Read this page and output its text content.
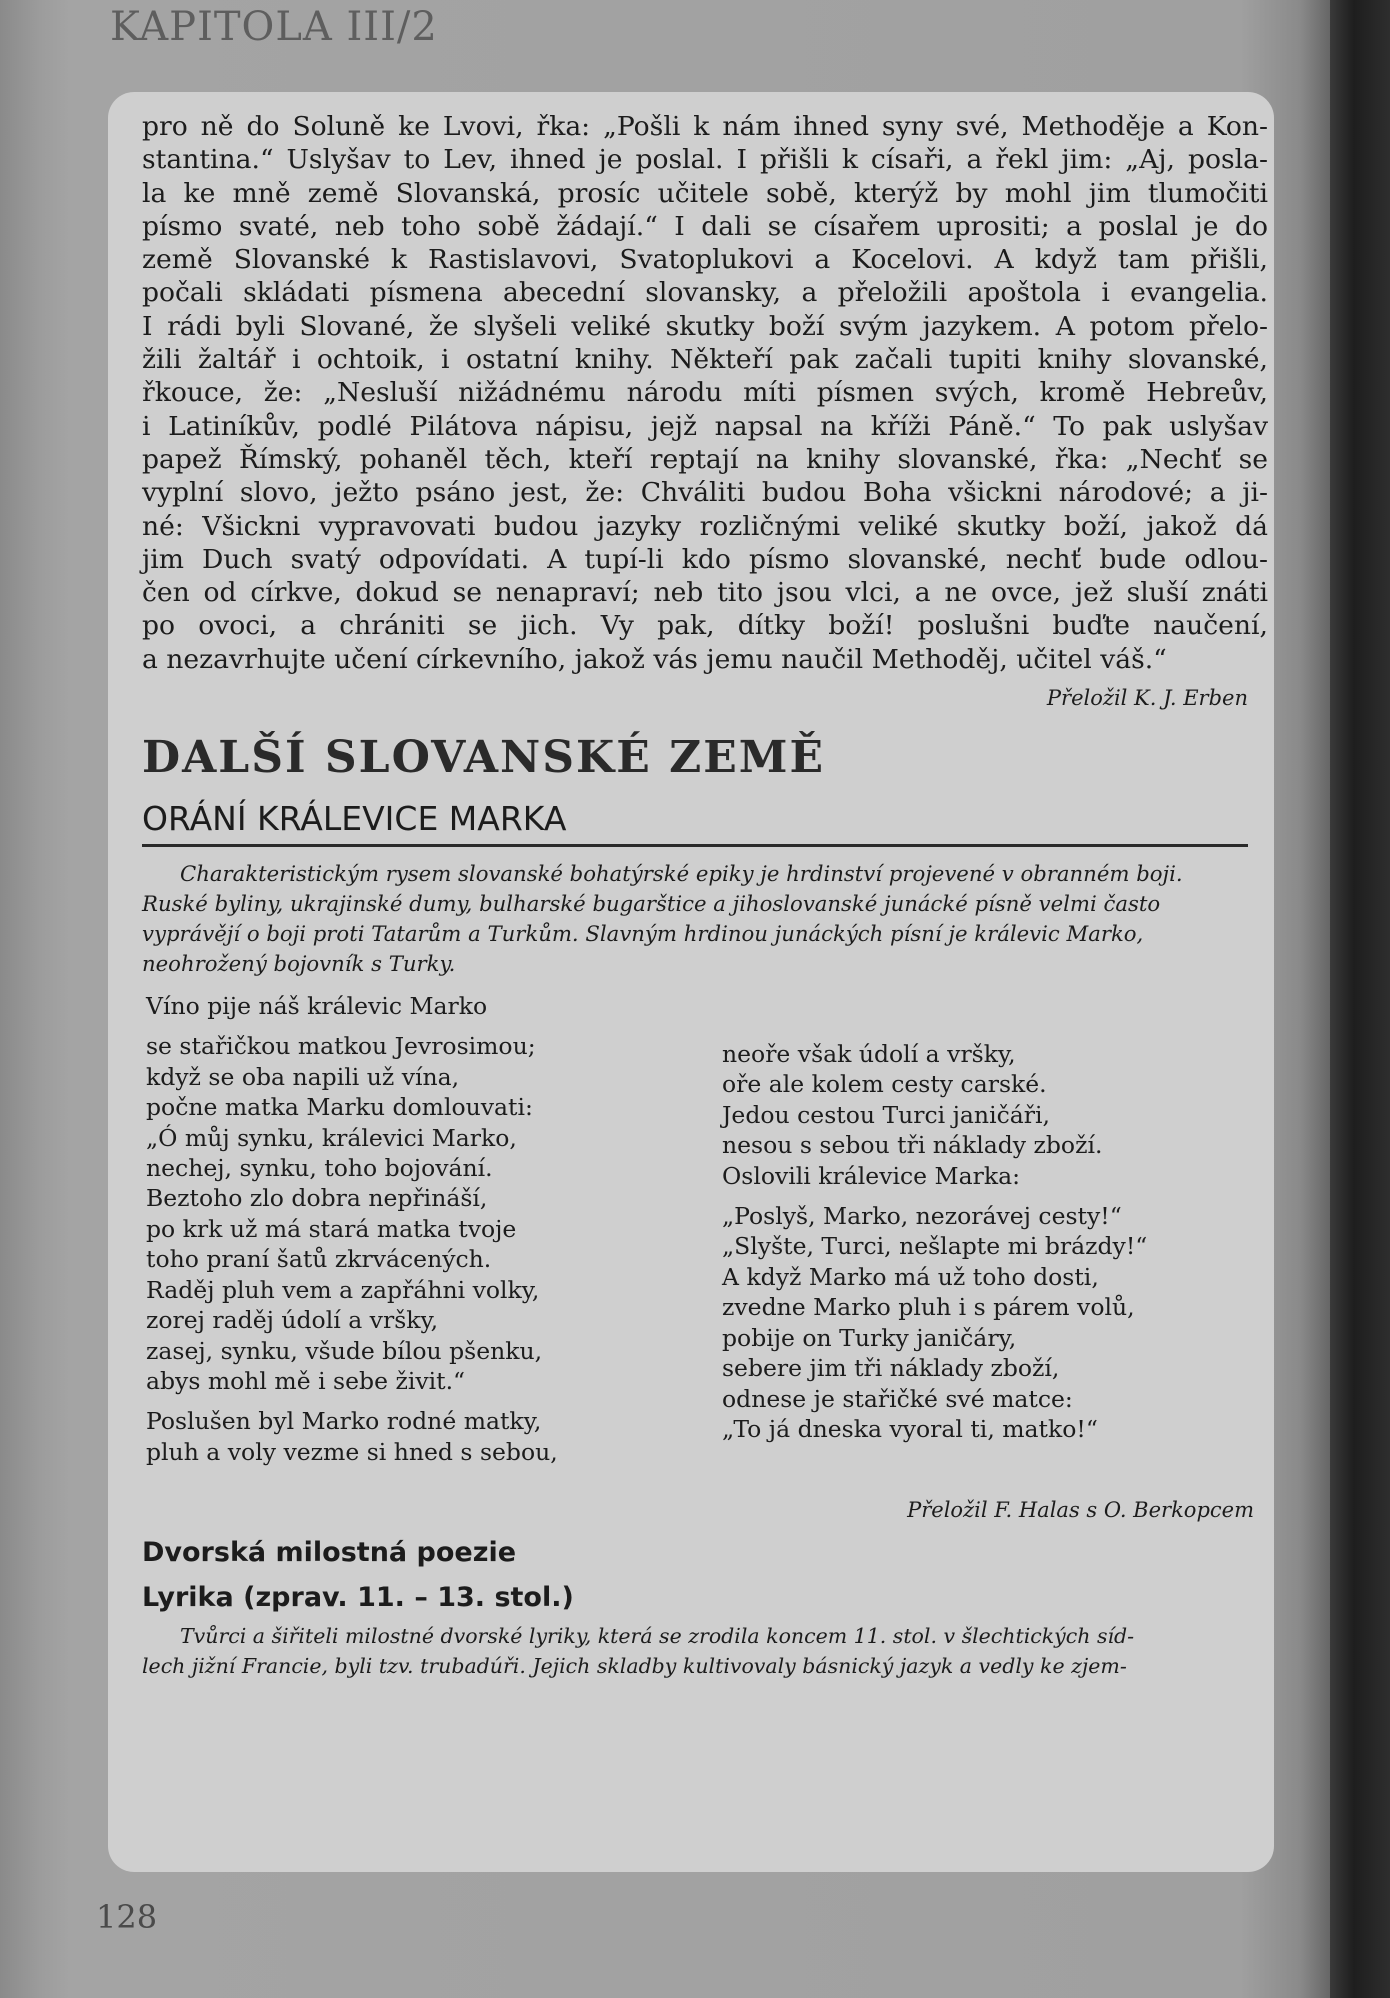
KAPITOLA III/2
pro ně do Soluně ke Lvovi, řka: „Pošli k nám ihned syny své, Methoděje a Kon-
stantina.“ Uslyšav to Lev, ihned je poslal. I přišli k císaři, a řekl jim: „Aj, posla-
la ke mně země Slovanská, prosíc učitele sobě, kterýž by mohl jim tlumočiti
písmo svaté, neb toho sobě žádají.“ I dali se císařem uprositi; a poslal je do
země Slovanské k Rastislavovi, Svatoplukovi a Kocelovi. A když tam přišli,
počali skládati písmena abecední slovansky, a přeložili apoštola i evangelia.
I rádi byli Slované, že slyšeli veliké skutky boží svým jazykem. A potom přelo-
žili žaltář i ochtoik, i ostatní knihy. Někteří pak začali tupiti knihy slovanské,
řkouce, že: „Nesluší nižádnému národu míti písmen svých, kromě Hebreův,
i Latiníkův, podlé Pilátova nápisu, jejž napsal na kříži Páně.“ To pak uslyšav
papež Římský, pohaněl těch, kteří reptají na knihy slovanské, řka: „Nechť se
vyplní slovo, ježto psáno jest, že: Chváliti budou Boha všickni národové; a ji-
né: Všickni vypravovati budou jazyky rozličnými veliké skutky boží, jakož dá
jim Duch svatý odpovídati. A tupí-li kdo písmo slovanské, nechť bude odlou-
čen od církve, dokud se nenapraví; neb tito jsou vlci, a ne ovce, jež sluší znáti
po ovoci, a chrániti se jich. Vy pak, dítky boží! poslušni buďte naučení,
a nezavrhujte učení církevního, jakož vás jemu naučil Methoděj, učitel váš.“
Přeložil K. J. Erben
DALŠÍ SLOVANSKÉ ZEMĚ
ORÁNÍ KRÁLEVICE MARKA
Charakteristickým rysem slovanské bohatýrské epiky je hrdinství projevené v obranném boji.
Ruské byliny, ukrajinské dumy, bulharské bugarštice a jihoslovanské junácké písně velmi často
vyprávějí o boji proti Tatarům a Turkům. Slavným hrdinou junáckých písní je králevic Marko,
neohrožený bojovník s Turky.
Víno pije náš králevic Marko
se stařičkou matkou Jevrosimou;
když se oba napili už vína,
počne matka Marku domlouvati:
„Ó můj synku, králevici Marko,
nechej, synku, toho bojování.
Beztoho zlo dobra nepřináší,
po krk už má stará matka tvoje
toho praní šatů zkrvácených.
Raděj pluh vem a zapřáhni volky,
zorej raděj údolí a vršky,
zasej, synku, všude bílou pšenku,
abys mohl mě i sebe živit.“
Poslušen byl Marko rodné matky,
pluh a voly vezme si hned s sebou,
neoře však údolí a vršky,
oře ale kolem cesty carské.
Jedou cestou Turci janičáři,
nesou s sebou tři náklady zboží.
Oslovili králevice Marka:
„Poslyš, Marko, nezorávej cesty!“
„Slyšte, Turci, nešlapte mi brázdy!“
A když Marko má už toho dosti,
zvedne Marko pluh i s párem volů,
pobije on Turky janičáry,
sebere jim tři náklady zboží,
odnese je stařičké své matce:
„To já dneska vyoral ti, matko!“
Přeložil F. Halas s O. Berkopcem
Dvorská milostná poezie
Lyrika (zprav. 11. – 13. stol.)
Tvůrci a šiřiteli milostné dvorské lyriky, která se zrodila koncem 11. stol. v šlechtických síd-
lech jižní Francie, byli tzv. trubadúři. Jejich skladby kultivovaly básnický jazyk a vedly ke zjem-
128
